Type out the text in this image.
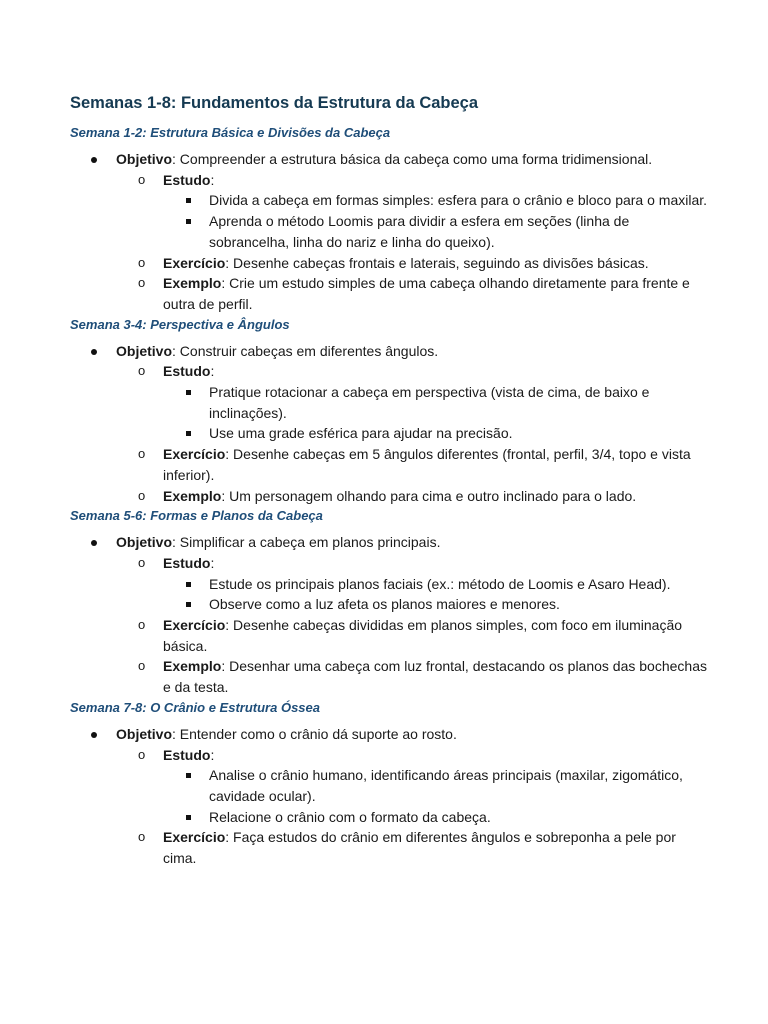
Semanas 1-8: Fundamentos da Estrutura da Cabeça
Semana 1-2: Estrutura Básica e Divisões da Cabeça
Objetivo: Compreender a estrutura básica da cabeça como uma forma tridimensional.
o Estudo:
Divida a cabeça em formas simples: esfera para o crânio e bloco para o maxilar.
Aprenda o método Loomis para dividir a esfera em seções (linha de sobrancelha, linha do nariz e linha do queixo).
o Exercício: Desenhe cabeças frontais e laterais, seguindo as divisões básicas.
o Exemplo: Crie um estudo simples de uma cabeça olhando diretamente para frente e outra de perfil.
Semana 3-4: Perspectiva e Ângulos
Objetivo: Construir cabeças em diferentes ângulos.
o Estudo:
Pratique rotacionar a cabeça em perspectiva (vista de cima, de baixo e inclinações).
Use uma grade esférica para ajudar na precisão.
o Exercício: Desenhe cabeças em 5 ângulos diferentes (frontal, perfil, 3/4, topo e vista inferior).
o Exemplo: Um personagem olhando para cima e outro inclinado para o lado.
Semana 5-6: Formas e Planos da Cabeça
Objetivo: Simplificar a cabeça em planos principais.
o Estudo:
Estude os principais planos faciais (ex.: método de Loomis e Asaro Head).
Observe como a luz afeta os planos maiores e menores.
o Exercício: Desenhe cabeças divididas em planos simples, com foco em iluminação básica.
o Exemplo: Desenhar uma cabeça com luz frontal, destacando os planos das bochechas e da testa.
Semana 7-8: O Crânio e Estrutura Óssea
Objetivo: Entender como o crânio dá suporte ao rosto.
o Estudo:
Analise o crânio humano, identificando áreas principais (maxilar, zigomático, cavidade ocular).
Relacione o crânio com o formato da cabeça.
o Exercício: Faça estudos do crânio em diferentes ângulos e sobreponha a pele por cima.
